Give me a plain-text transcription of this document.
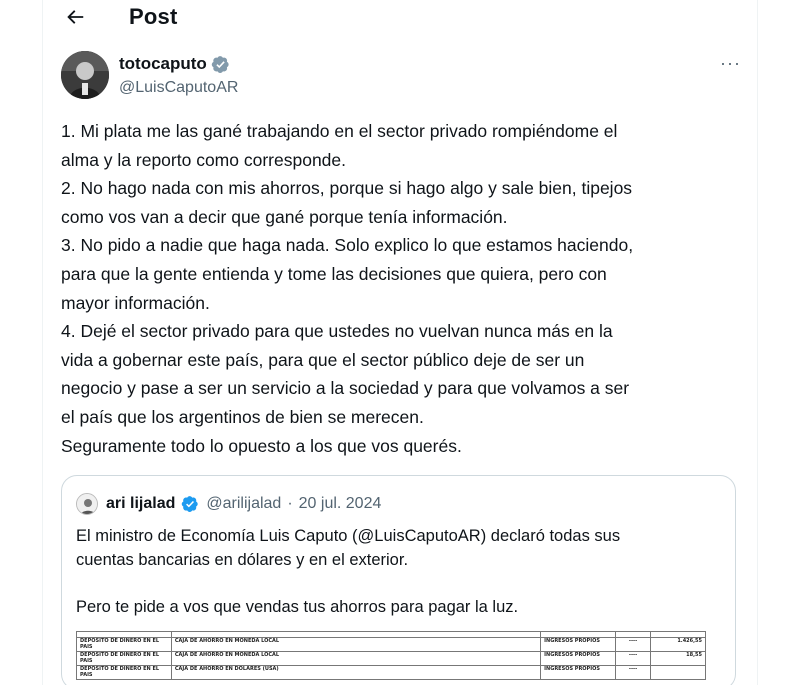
Post
totocaputo
@LuisCaputoAR
···

1. Mi plata me las gané trabajando en el sector privado rompiéndome el

alma y la reporto como corresponde.

2. No hago nada con mis ahorros, porque si hago algo y sale bien, tipejos

como vos van a decir que gané porque tenía información.

3. No pido a nadie que haga nada. Solo explico lo que estamos haciendo,

para que la gente entienda y tome las decisiones que quiera, pero con

mayor información.

4. Dejé el sector privado para que ustedes no vuelvan nunca más en la

vida a gobernar este país, para que el sector público deje de ser un

negocio y pase a ser un servicio a la sociedad y para que volvamos a ser

el país que los argentinos de bien se merecen.

Seguramente todo lo opuesto a los que vos querés.

ari lijalad @arilijalad · 20 jul. 2024

El ministro de Economía Luis Caputo (@LuisCaputoAR) declaró todas sus

cuentas bancarias en dólares y en el exterior.

Pero te pide a vos que vendas tus ahorros para pagar la luz.

DEPOSITO DE DINERO EN EL PAIS	CAJA DE AHORRO EN MONEDA LOCAL	INGRESOS PROPIOS	----	1.426,55
DEPOSITO DE DINERO EN EL PAIS	CAJA DE AHORRO EN MONEDA LOCAL	INGRESOS PROPIOS	----	18,55
DEPOSITO DE DINERO EN EL PAIS	CAJA DE AHORRO EN DOLARES (USA)	INGRESOS PROPIOS	----	
